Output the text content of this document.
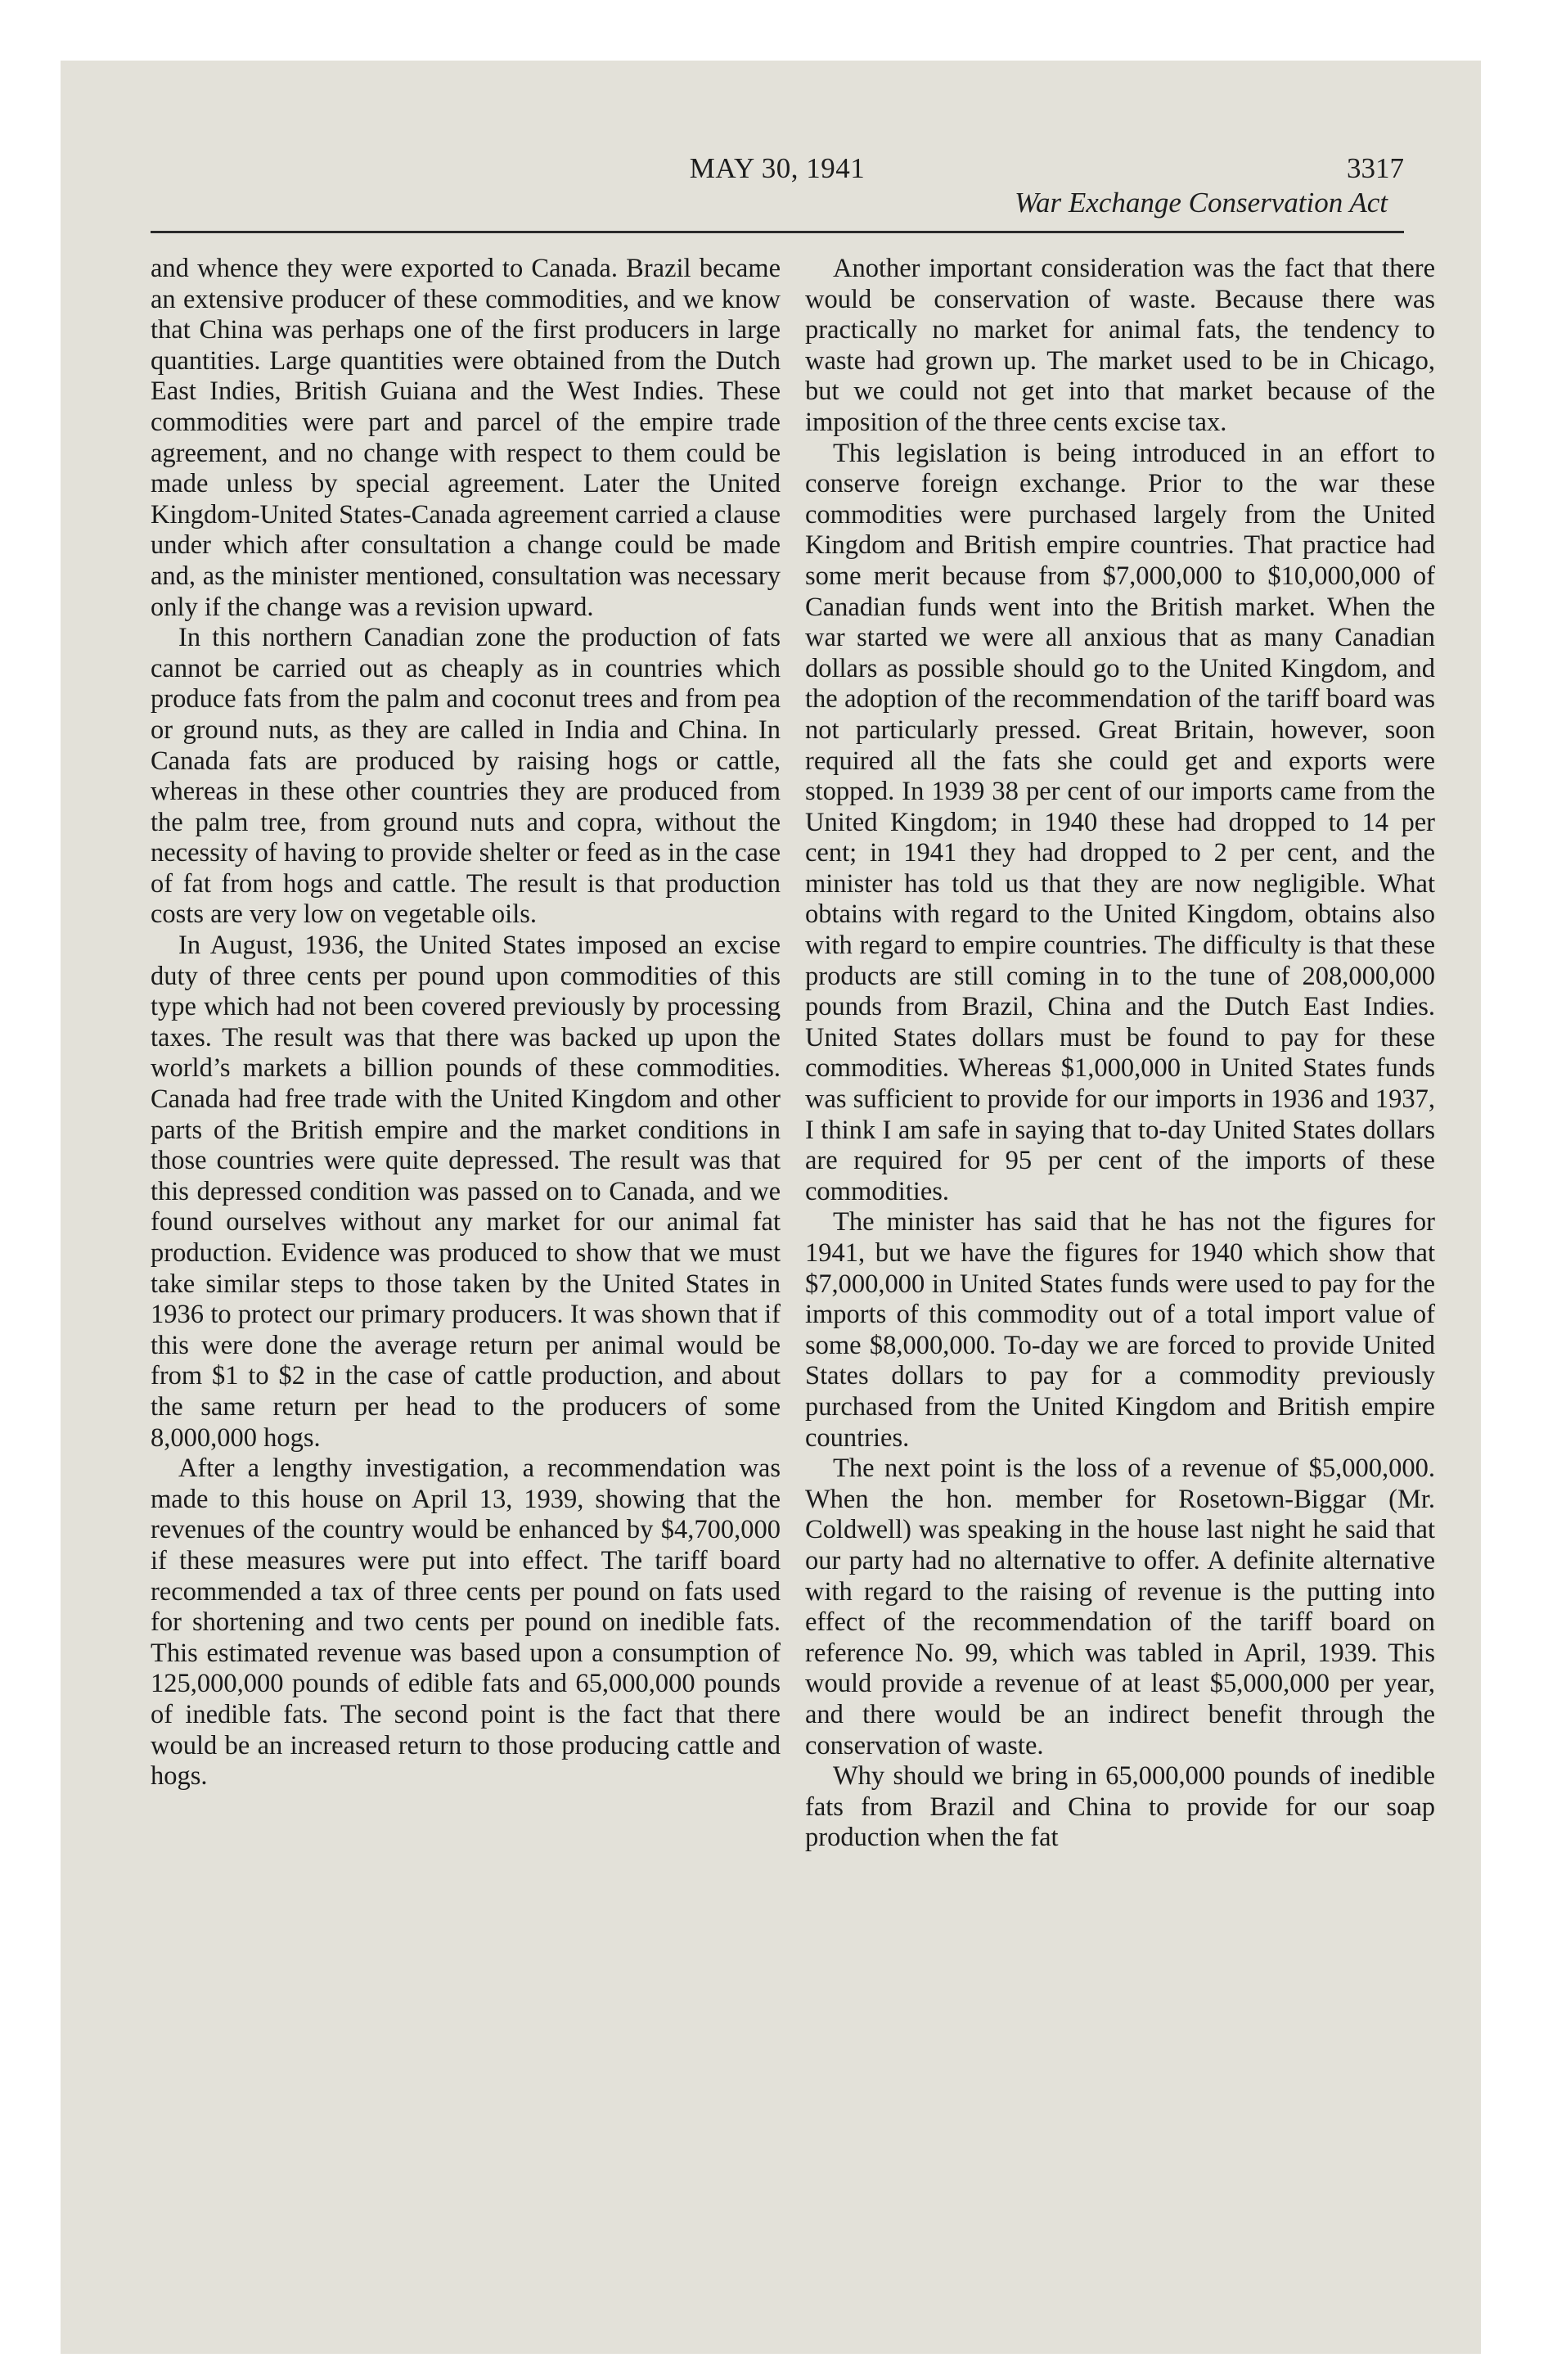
MAY 30, 1941	3317
War Exchange Conservation Act

and whence they were exported to Canada. Brazil became an extensive producer of these commodities, and we know that China was perhaps one of the first producers in large quantities. Large quantities were obtained from the Dutch East Indies, British Guiana and the West Indies. These commodities were part and parcel of the empire trade agreement, and no change with respect to them could be made unless by special agreement. Later the United Kingdom-United States-Canada agreement carried a clause under which after consultation a change could be made and, as the minister mentioned, consultation was necessary only if the change was a revision upward.

In this northern Canadian zone the production of fats cannot be carried out as cheaply as in countries which produce fats from the palm and coconut trees and from pea or ground nuts, as they are called in India and China. In Canada fats are produced by raising hogs or cattle, whereas in these other countries they are produced from the palm tree, from ground nuts and copra, without the necessity of having to provide shelter or feed as in the case of fat from hogs and cattle. The result is that production costs are very low on vegetable oils.

In August, 1936, the United States imposed an excise duty of three cents per pound upon commodities of this type which had not been covered previously by processing taxes. The result was that there was backed up upon the world’s markets a billion pounds of these commodities. Canada had free trade with the United Kingdom and other parts of the British empire and the market conditions in those countries were quite depressed. The result was that this depressed condition was passed on to Canada, and we found ourselves without any market for our animal fat production. Evidence was produced to show that we must take similar steps to those taken by the United States in 1936 to protect our primary producers. It was shown that if this were done the average return per animal would be from $1 to $2 in the case of cattle production, and about the same return per head to the producers of some 8,000,000 hogs.

After a lengthy investigation, a recommendation was made to this house on April 13, 1939, showing that the revenues of the country would be enhanced by $4,700,000 if these measures were put into effect. The tariff board recommended a tax of three cents per pound on fats used for shortening and two cents per pound on inedible fats. This estimated revenue was based upon a consumption of 125,000,000 pounds of edible fats and 65,000,000 pounds of inedible fats. The second point is the fact that there would be an increased return to those producing cattle and hogs.

Another important consideration was the fact that there would be conservation of waste. Because there was practically no market for animal fats, the tendency to waste had grown up. The market used to be in Chicago, but we could not get into that market because of the imposition of the three cents excise tax.

This legislation is being introduced in an effort to conserve foreign exchange. Prior to the war these commodities were purchased largely from the United Kingdom and British empire countries. That practice had some merit because from $7,000,000 to $10,000,000 of Canadian funds went into the British market. When the war started we were all anxious that as many Canadian dollars as possible should go to the United Kingdom, and the adoption of the recommendation of the tariff board was not particularly pressed. Great Britain, however, soon required all the fats she could get and exports were stopped. In 1939 38 per cent of our imports came from the United Kingdom; in 1940 these had dropped to 14 per cent; in 1941 they had dropped to 2 per cent, and the minister has told us that they are now negligible. What obtains with regard to the United Kingdom, obtains also with regard to empire countries. The difficulty is that these products are still coming in to the tune of 208,000,000 pounds from Brazil, China and the Dutch East Indies. United States dollars must be found to pay for these commodities. Whereas $1,000,000 in United States funds was sufficient to provide for our imports in 1936 and 1937, I think I am safe in saying that to-day United States dollars are required for 95 per cent of the imports of these commodities.

The minister has said that he has not the figures for 1941, but we have the figures for 1940 which show that $7,000,000 in United States funds were used to pay for the imports of this commodity out of a total import value of some $8,000,000. To-day we are forced to provide United States dollars to pay for a commodity previously purchased from the United Kingdom and British empire countries.

The next point is the loss of a revenue of $5,000,000. When the hon. member for Rosetown-Biggar (Mr. Coldwell) was speaking in the house last night he said that our party had no alternative to offer. A definite alternative with regard to the raising of revenue is the putting into effect of the recommendation of the tariff board on reference No. 99, which was tabled in April, 1939. This would provide a revenue of at least $5,000,000 per year, and there would be an indirect benefit through the conservation of waste.

Why should we bring in 65,000,000 pounds of inedible fats from Brazil and China to provide for our soap production when the fat
